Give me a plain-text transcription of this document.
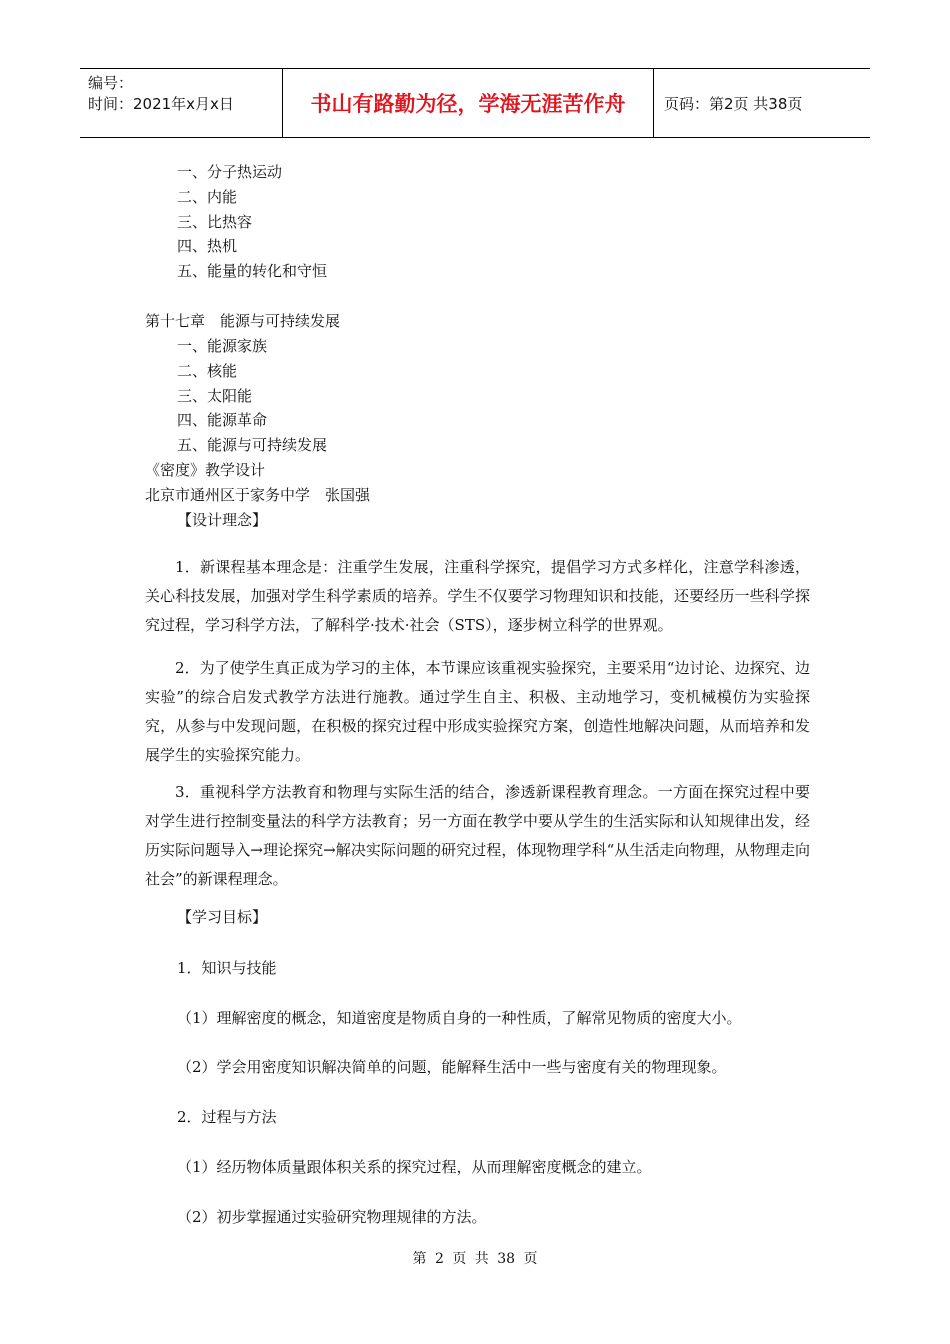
编号：
时间：2021年x月x日	书山有路勤为径，学海无涯苦作舟	页码：第2页 共38页
一、分子热运动
二、内能
三、比热容
四、热机
五、能量的转化和守恒
第十七章　能源与可持续发展
一、能源家族
二、核能
三、太阳能
四、能源革命
五、能源与可持续发展
《密度》教学设计
北京市通州区于家务中学　张国强
【设计理念】
1．新课程基本理念是：注重学生发展，注重科学探究，提倡学习方式多样化，注意学科渗透，关心科技发展，加强对学生科学素质的培养。学生不仅要学习物理知识和技能，还要经历一些科学探究过程，学习科学方法，了解科学·技术·社会（STS），逐步树立科学的世界观。
2．为了使学生真正成为学习的主体，本节课应该重视实验探究，主要采用“边讨论、边探究、边实验”的综合启发式教学方法进行施教。通过学生自主、积极、主动地学习，变机械模仿为实验探究，从参与中发现问题，在积极的探究过程中形成实验探究方案，创造性地解决问题，从而培养和发展学生的实验探究能力。
3．重视科学方法教育和物理与实际生活的结合，渗透新课程教育理念。一方面在探究过程中要对学生进行控制变量法的科学方法教育；另一方面在教学中要从学生的生活实际和认知规律出发，经历实际问题导入→理论探究→解决实际问题的研究过程，体现物理学科“从生活走向物理，从物理走向社会”的新课程理念。
【学习目标】
1．知识与技能
（1）理解密度的概念，知道密度是物质自身的一种性质，了解常见物质的密度大小。
（2）学会用密度知识解决简单的问题，能解释生活中一些与密度有关的物理现象。
2．过程与方法
（1）经历物体质量跟体积关系的探究过程，从而理解密度概念的建立。
（2）初步掌握通过实验研究物理规律的方法。
第 2 页 共 38 页
